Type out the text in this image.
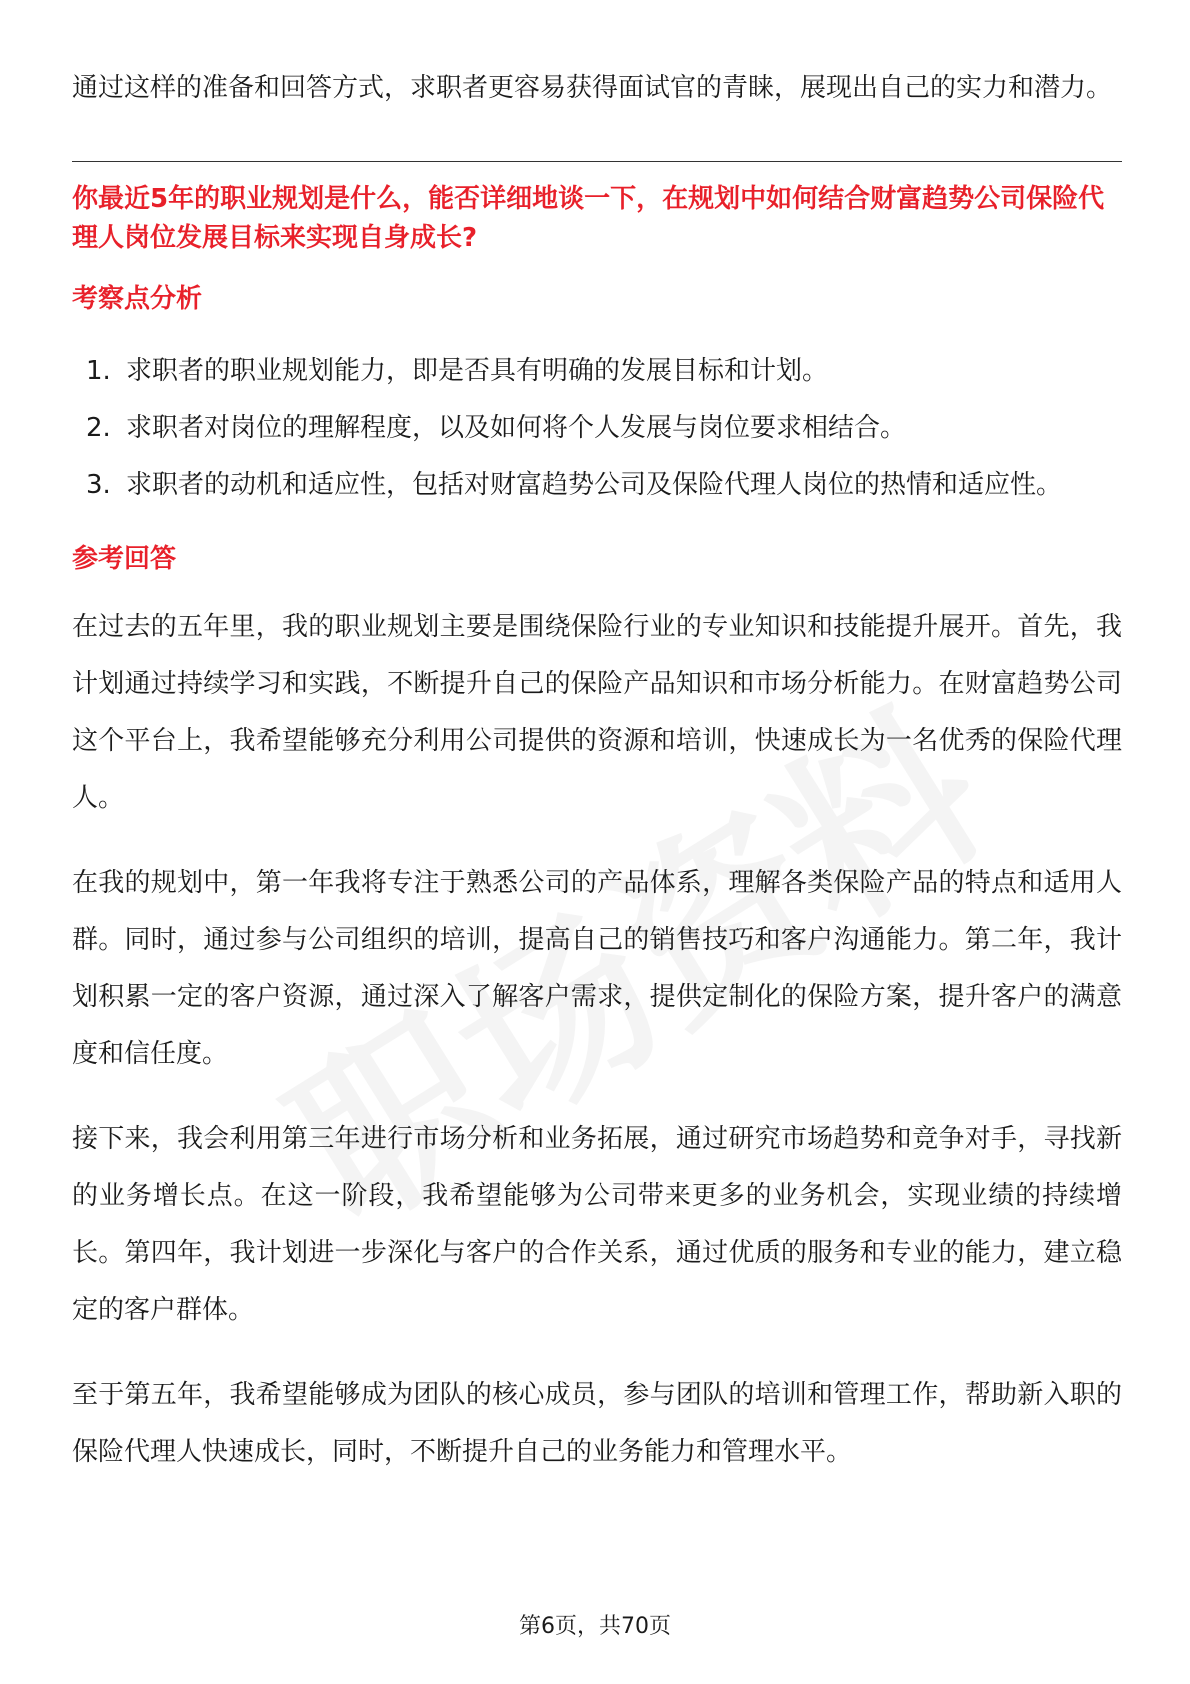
通过这样的准备和回答方式，求职者更容易获得面试官的青睐，展现出自己的实力和潜力。

你最近5年的职业规划是什么，能否详细地谈一下，在规划中如何结合财富趋势公司保险代理人岗位发展目标来实现自身成长?

考察点分析
1. 求职者的职业规划能力，即是否具有明确的发展目标和计划。
2. 求职者对岗位的理解程度，以及如何将个人发展与岗位要求相结合。
3. 求职者的动机和适应性，包括对财富趋势公司及保险代理人岗位的热情和适应性。
参考回答

在过去的五年里，我的职业规划主要是围绕保险行业的专业知识和技能提升展开。首先，我计划通过持续学习和实践，不断提升自己的保险产品知识和市场分析能力。在财富趋势公司这个平台上，我希望能够充分利用公司提供的资源和培训，快速成长为一名优秀的保险代理人。

在我的规划中，第一年我将专注于熟悉公司的产品体系，理解各类保险产品的特点和适用人群。同时，通过参与公司组织的培训，提高自己的销售技巧和客户沟通能力。第二年，我计划积累一定的客户资源，通过深入了解客户需求，提供定制化的保险方案，提升客户的满意度和信任度。

接下来，我会利用第三年进行市场分析和业务拓展，通过研究市场趋势和竞争对手，寻找新的业务增长点。在这一阶段，我希望能够为公司带来更多的业务机会，实现业绩的持续增长。第四年，我计划进一步深化与客户的合作关系，通过优质的服务和专业的能力，建立稳定的客户群体。

至于第五年，我希望能够成为团队的核心成员，参与团队的培训和管理工作，帮助新入职的保险代理人快速成长，同时，不断提升自己的业务能力和管理水平。

第6页，共70页
